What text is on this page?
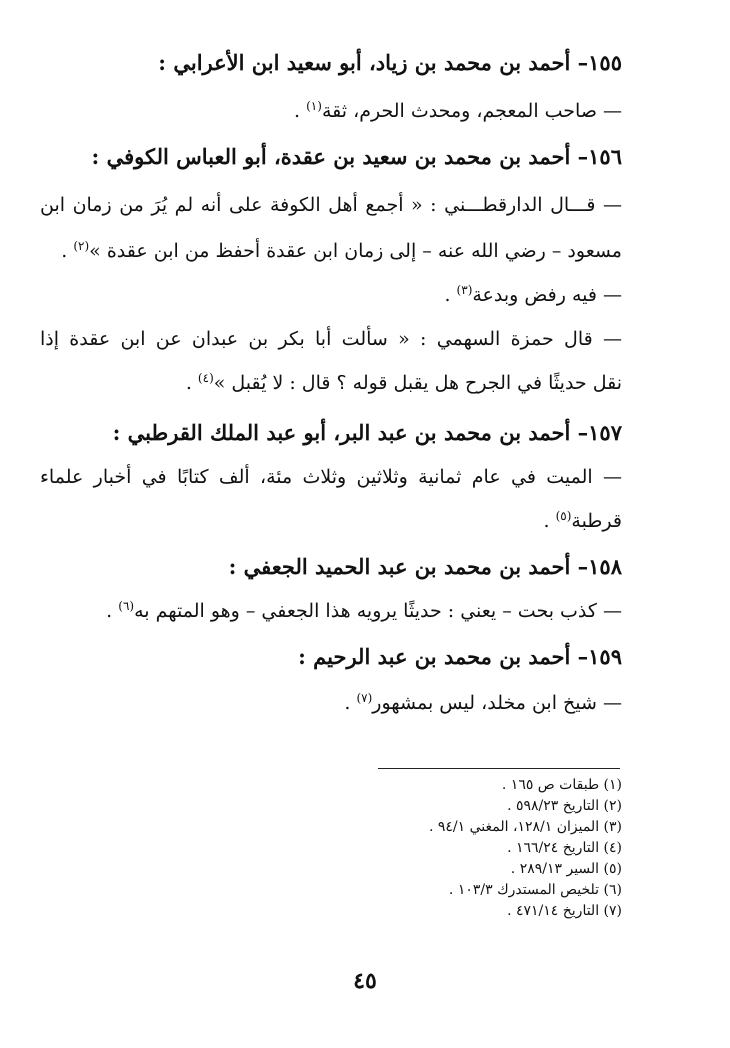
١٥٥– أحمد بن محمد بن زياد، أبو سعيد ابن الأعرابي :
— صاحب المعجم، ومحدث الحرم، ثقة$^{(١)}$ .
١٥٦– أحمد بن محمد بن سعيد بن عقدة، أبو العباس الكوفي :
— قـــال الدارقطـــني : « أجمع أهل الكوفة على أنه لم يُرَ من زمان ابن
مسعود – رضي الله عنه – إلى زمان ابن عقدة أحفظ من ابن عقدة »$^{(٢)}$ .
— فيه رفض وبدعة$^{(٣)}$ .
— قال حمزة السهمي : « سألت أبا بكر بن عبدان عن ابن عقدة إذا
نقل حديثًا في الجرح هل يقبل قوله ؟ قال : لا يُقبل »$^{(٤)}$ .
١٥٧– أحمد بن محمد بن عبد البر، أبو عبد الملك القرطبي :
— الميت في عام ثمانية وثلاثين وثلاث مئة، ألف كتابًا في أخبار علماء
قرطبة$^{(٥)}$ .
١٥٨– أحمد بن محمد بن عبد الحميد الجعفي :
— كذب بحت – يعني : حديثًا يرويه هذا الجعفي – وهو المتهم به$^{(٦)}$ .
١٥٩– أحمد بن محمد بن عبد الرحيم :
— شيخ ابن مخلد، ليس بمشهور$^{(٧)}$ .
(١) طبقات ص ١٦٥ .
(٢) التاريخ ٥٩٨/٢٣ .
(٣) الميزان ١٢٨/١، المغني ٩٤/١ .
(٤) التاريخ ١٦٦/٢٤ .
(٥) السير ٢٨٩/١٣ .
(٦) تلخيص المستدرك ١٠٣/٣ .
(٧) التاريخ ٤٧١/١٤ .
٤٥
